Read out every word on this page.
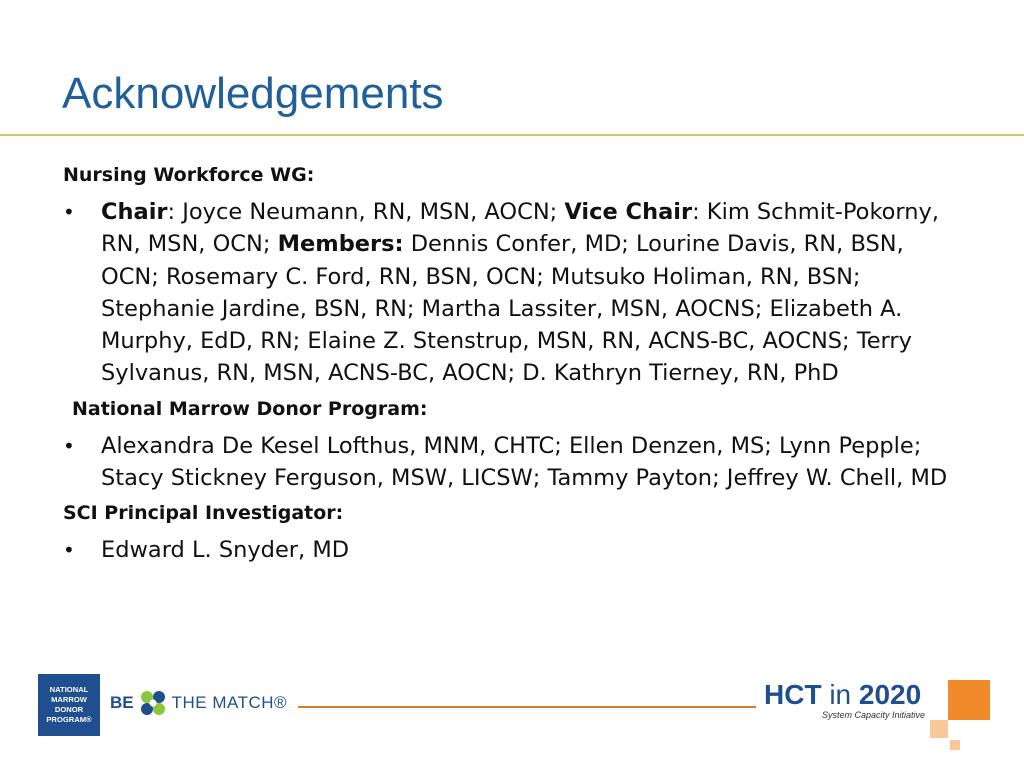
Acknowledgements

Nursing Workforce WG:

• Chair: Joyce Neumann, RN, MSN, AOCN; Vice Chair: Kim Schmit-Pokorny, RN, MSN, OCN; Members: Dennis Confer, MD; Lourine Davis, RN, BSN, OCN; Rosemary C. Ford, RN, BSN, OCN; Mutsuko Holiman, RN, BSN; Stephanie Jardine, BSN, RN; Martha Lassiter, MSN, AOCNS; Elizabeth A. Murphy, EdD, RN; Elaine Z. Stenstrup, MSN, RN, ACNS-BC, AOCNS; Terry Sylvanus, RN, MSN, ACNS-BC, AOCN; D. Kathryn Tierney, RN, PhD

National Marrow Donor Program:

• Alexandra De Kesel Lofthus, MNM, CHTC; Ellen Denzen, MS; Lynn Pepple; Stacy Stickney Ferguson, MSW, LICSW; Tammy Payton; Jeffrey W. Chell, MD

SCI Principal Investigator:

• Edward L. Snyder, MD
NATIONAL
MARROW
DONOR
PROGRAM®
BE THE MATCH®	HCT in 2020
System Capacity Initiative
